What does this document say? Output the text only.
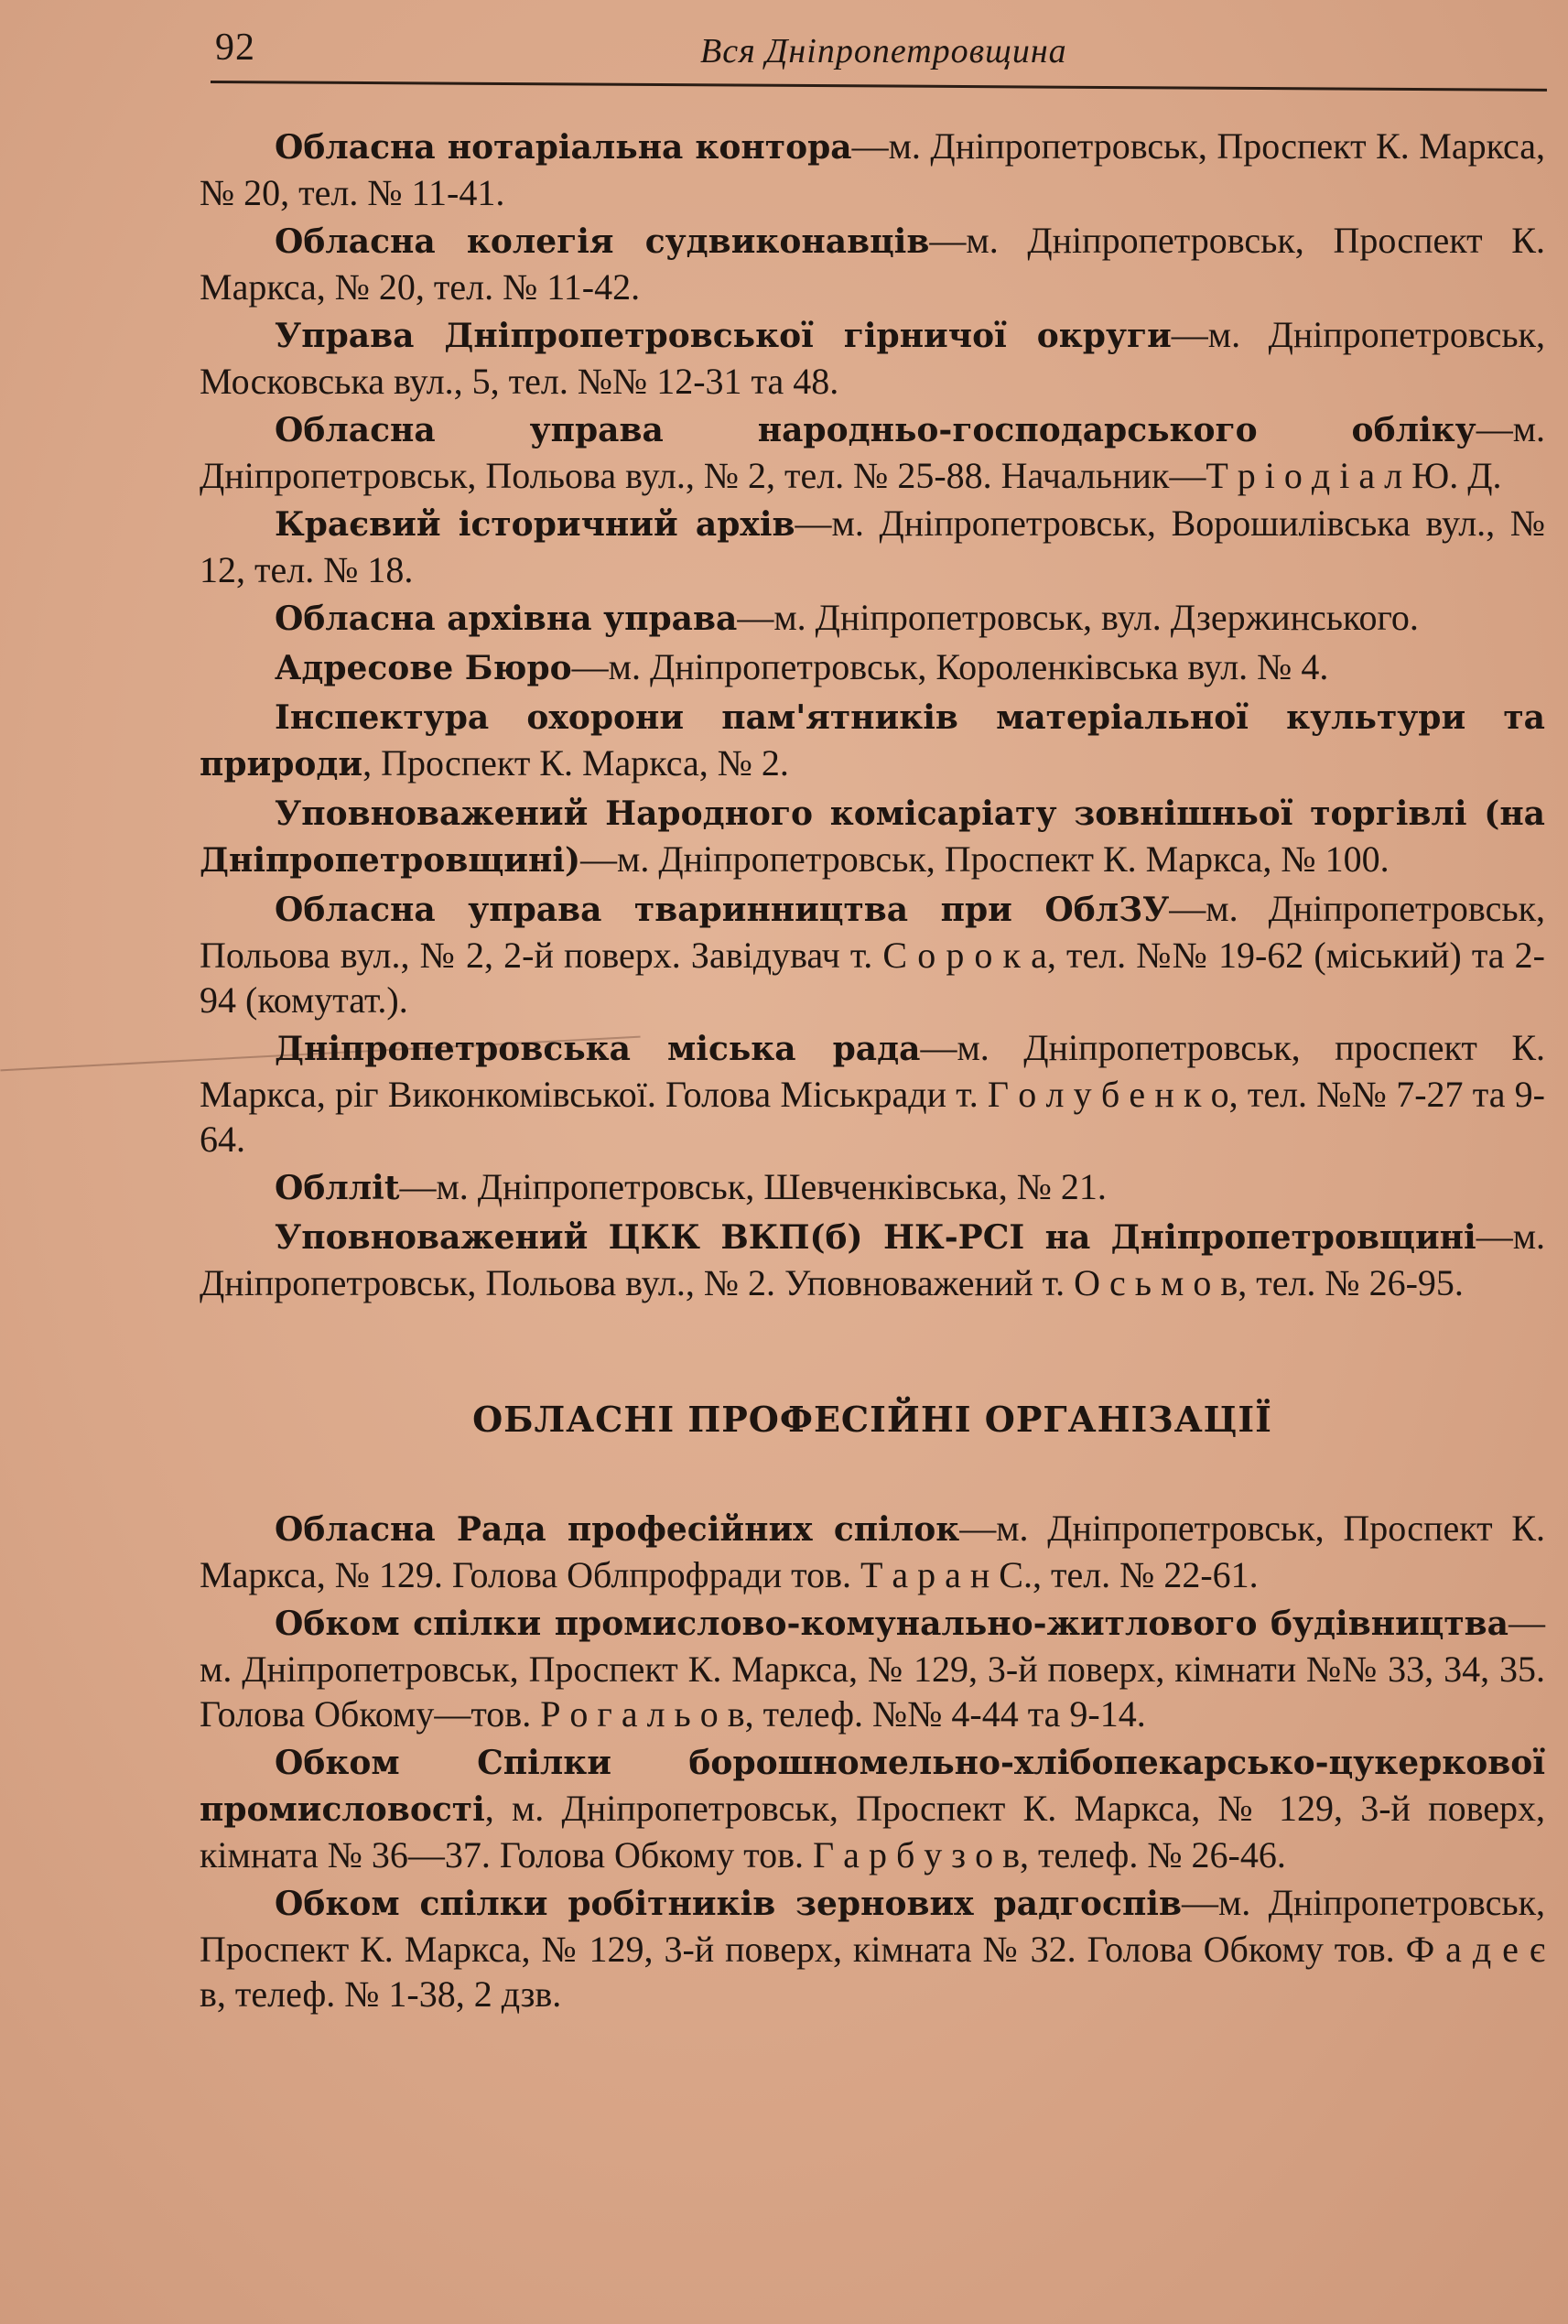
92	Вся Дніпропетровщина

Обласна нотаріальна контора—м. Дніпропетровськ, Проспект К. Маркса, № 20, тел. № 11-41.

Обласна колегія судвиконавців—м. Дніпропетровськ, Проспект К. Маркса, № 20, тел. № 11-42.

Управа Дніпропетровської гірничої округи—м. Дніпропетровськ, Московська вул., 5, тел. №№ 12-31 та 48.

Обласна управа народньо-господарського обліку—м. Дніпропетровськ, Польова вул., № 2, тел. № 25-88. Начальник—Т р і о д і а л Ю. Д.

Краєвий історичний архів—м. Дніпропетровськ, Ворошилівська вул., № 12, тел. № 18.

Обласна архівна управа—м. Дніпропетровськ, вул. Дзержинського.

Адресове Бюро—м. Дніпропетровськ, Короленківська вул. № 4.

Інспектура охорони пам'ятників матеріальної культури та природи, Проспект К. Маркса, № 2.

Уповноважений Народного комісаріату зовнішньої торгівлі (на Дніпропетровщині)—м. Дніпропетровськ, Проспект К. Маркса, № 100.

Обласна управа тваринництва при ОблЗУ—м. Дніпропетровськ, Польова вул., № 2, 2-й поверх. Завідувач т. С о р о к а, тел. №№ 19-62 (міський) та 2-94 (комутат.).

Дніпропетровська міська рада—м. Дніпропетровськ, проспект К. Маркса, ріг Виконкомівської. Голова Міськради т. Г о л у б е н к о, тел. №№ 7-27 та 9-64.

Обллit—м. Дніпропетровськ, Шевченківська, № 21.

Уповноважений ЦКК ВКП(б) НК-РСІ на Дніпропетровщині—м. Дніпропетровськ, Польова вул., № 2. Уповноважений т. О с ь м о в, тел. № 26-95.

ОБЛАСНІ ПРОФЕСІЙНІ ОРГАНІЗАЦІЇ

Обласна Рада професійних спілок—м. Дніпропетровськ, Проспект К. Маркса, № 129. Голова Облпрофради тов. Т а р а н С., тел. № 22-61.

Обком спілки промислово-комунально-житлового будівництва—м. Дніпропетровськ, Проспект К. Маркса, № 129, 3-й поверх, кімнати №№ 33, 34, 35. Голова Обкому—тов. Р о г а л ь о в, телеф. №№ 4-44 та 9-14.

Обком Спілки борошномельно-хлібопекарсько-цукеркової промисловості, м. Дніпропетровськ, Проспект К. Маркса, № 129, 3-й поверх, кімната № 36—37. Голова Обкому тов. Г а р б у з о в, телеф. № 26-46.

Обком спілки робітників зернових радгоспів—м. Дніпропетровськ, Проспект К. Маркса, № 129, 3-й поверх, кімната № 32. Голова Обкому тов. Ф а д е є в, телеф. № 1-38, 2 дзв.
